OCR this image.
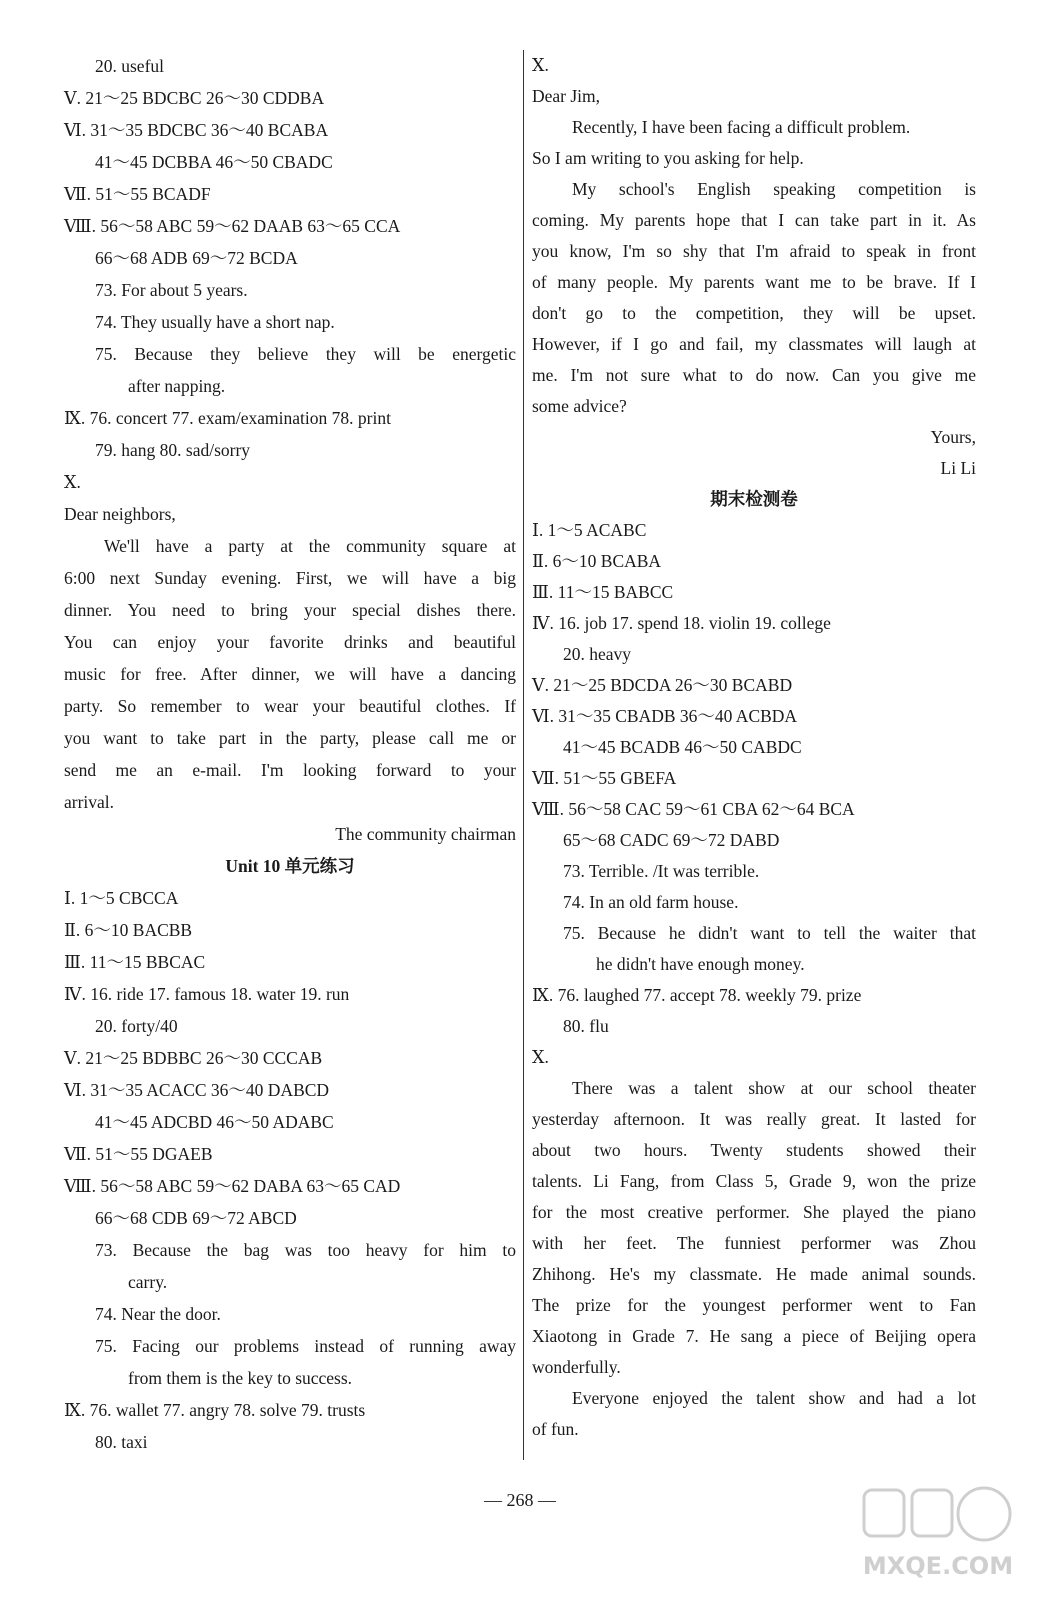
20. useful
Ⅴ. 21～25 BDCBC 26～30 CDDBA
Ⅵ. 31～35 BDCBC 36～40 BCABA
41～45 DCBBA 46～50 CBADC
Ⅶ. 51～55 BCADF
Ⅷ. 56～58 ABC 59～62 DAAB 63～65 CCA
66～68 ADB 69～72 BCDA
73. For about 5 years.
74. They usually have a short nap.
75. Because they believe they will be energetic
after napping.
Ⅸ. 76. concert 77. exam/examination 78. print
79. hang 80. sad/sorry
Ⅹ.
Dear neighbors,
We'll have a party at the community square at
6:00 next Sunday evening. First, we will have a big
dinner. You need to bring your special dishes there.
You can enjoy your favorite drinks and beautiful
music for free. After dinner, we will have a dancing
party. So remember to wear your beautiful clothes. If
you want to take part in the party, please call me or
send me an e-mail. I'm looking forward to your
arrival.
The community chairman
Unit 10 单元练习
Ⅰ. 1～5 CBCCA
Ⅱ. 6～10 BACBB
Ⅲ. 11～15 BBCAC
Ⅳ. 16. ride 17. famous 18. water 19. run
20. forty/40
Ⅴ. 21～25 BDBBC 26～30 CCCAB
Ⅵ. 31～35 ACACC 36～40 DABCD
41～45 ADCBD 46～50 ADABC
Ⅶ. 51～55 DGAEB
Ⅷ. 56～58 ABC 59～62 DABA 63～65 CAD
66～68 CDB 69～72 ABCD
73. Because the bag was too heavy for him to
carry.
74. Near the door.
75. Facing our problems instead of running away
from them is the key to success.
Ⅸ. 76. wallet 77. angry 78. solve 79. trusts
80. taxi
Ⅹ.
Dear Jim,
Recently, I have been facing a difficult problem.
So I am writing to you asking for help.
My school's English speaking competition is
coming. My parents hope that I can take part in it. As
you know, I'm so shy that I'm afraid to speak in front
of many people. My parents want me to be brave. If I
don't go to the competition, they will be upset.
However, if I go and fail, my classmates will laugh at
me. I'm not sure what to do now. Can you give me
some advice?
Yours,
Li Li
期末检测卷
Ⅰ. 1～5 ACABC
Ⅱ. 6～10 BCABA
Ⅲ. 11～15 BABCC
Ⅳ. 16. job 17. spend 18. violin 19. college
20. heavy
Ⅴ. 21～25 BDCDA 26～30 BCABD
Ⅵ. 31～35 CBADB 36～40 ACBDA
41～45 BCADB 46～50 CABDC
Ⅶ. 51～55 GBEFA
Ⅷ. 56～58 CAC 59～61 CBA 62～64 BCA
65～68 CADC 69～72 DABD
73. Terrible. /It was terrible.
74. In an old farm house.
75. Because he didn't want to tell the waiter that
he didn't have enough money.
Ⅸ. 76. laughed 77. accept 78. weekly 79. prize
80. flu
Ⅹ.
There was a talent show at our school theater
yesterday afternoon. It was really great. It lasted for
about two hours. Twenty students showed their
talents. Li Fang, from Class 5, Grade 9, won the prize
for the most creative performer. She played the piano
with her feet. The funniest performer was Zhou
Zhihong. He's my classmate. He made animal sounds.
The prize for the youngest performer went to Fan
Xiaotong in Grade 7. He sang a piece of Beijing opera
wonderfully.
Everyone enjoyed the talent show and had a lot
of fun.
— 268 —
MXQE.COM
